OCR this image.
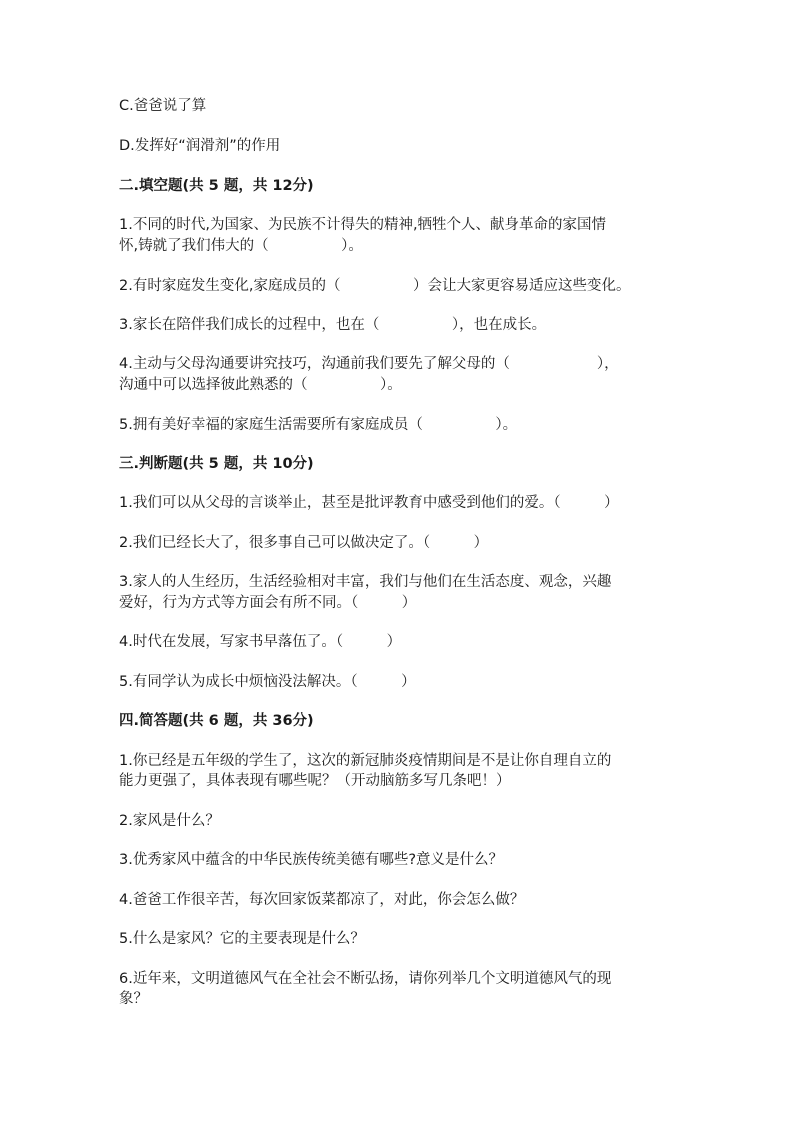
C.爸爸说了算

D.发挥好“润滑剂”的作用

二.填空题(共 5 题，共 12分)

1.不同的时代,为国家、为民族不计得失的精神,牺牲个人、献身革命的家国情

怀,铸就了我们伟大的（　　　　　）。

2.有时家庭发生变化,家庭成员的（　　　　　）会让大家更容易适应这些变化。

3.家长在陪伴我们成长的过程中，也在（　　　　　），也在成长。

4.主动与父母沟通要讲究技巧，沟通前我们要先了解父母的（　　　　　　），

沟通中可以选择彼此熟悉的（　　　　　）。

5.拥有美好幸福的家庭生活需要所有家庭成员（　　　　　）。

三.判断题(共 5 题，共 10分)

1.我们可以从父母的言谈举止，甚至是批评教育中感受到他们的爱。（　　　）

2.我们已经长大了，很多事自己可以做决定了。（　　　）

3.家人的人生经历，生活经验相对丰富，我们与他们在生活态度、观念，兴趣

爱好，行为方式等方面会有所不同。（　　　）

4.时代在发展，写家书早落伍了。（　　　）

5.有同学认为成长中烦恼没法解决。（　　　）

四.简答题(共 6 题，共 36分)

1.你已经是五年级的学生了，这次的新冠肺炎疫情期间是不是让你自理自立的

能力更强了，具体表现有哪些呢？（开动脑筋多写几条吧！）

2.家风是什么？

3.优秀家风中蕴含的中华民族传统美德有哪些?意义是什么？

4.爸爸工作很辛苦，每次回家饭菜都凉了，对此，你会怎么做？

5.什么是家风？它的主要表现是什么？

6.近年来，文明道德风气在全社会不断弘扬，请你列举几个文明道德风气的现

象？
